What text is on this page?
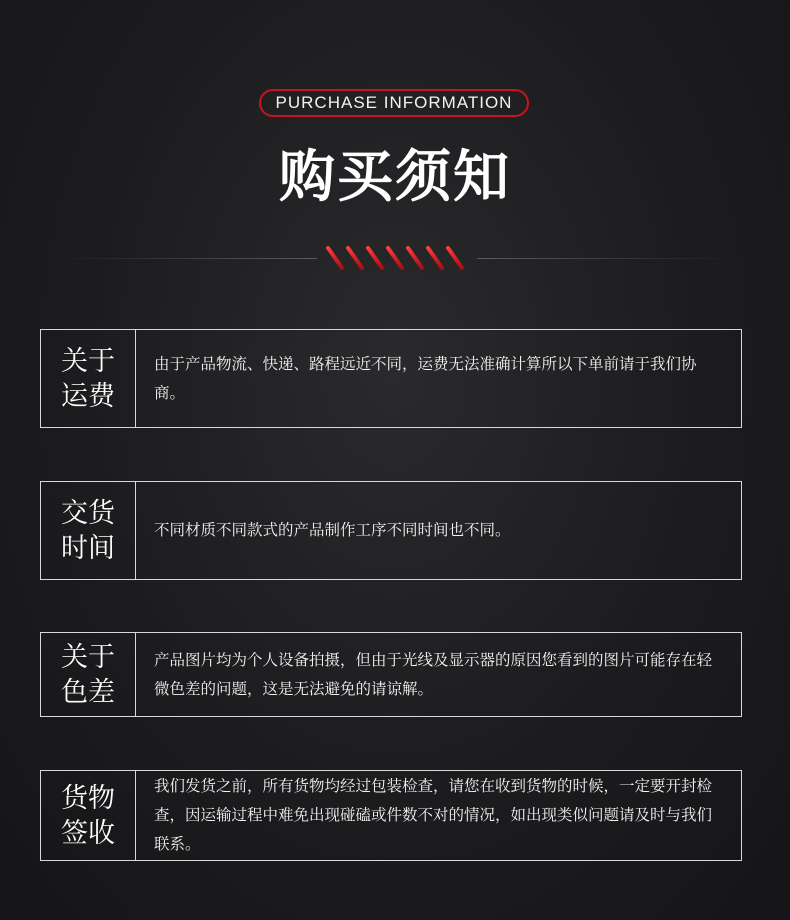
PURCHASE INFORMATION
购买须知
关于
运费
由于产品物流、快递、路程远近不同，运费无法准确计算所以下单前请于我们协商。
交货
时间
不同材质不同款式的产品制作工序不同时间也不同。
关于
色差
产品图片均为个人设备拍摄，但由于光线及显示器的原因您看到的图片可能存在轻微色差的问题，这是无法避免的请谅解。
货物
签收
我们发货之前，所有货物均经过包装检查，请您在收到货物的时候，一定要开封检查，因运输过程中难免出现碰磕或件数不对的情况，如出现类似问题请及时与我们联系。
